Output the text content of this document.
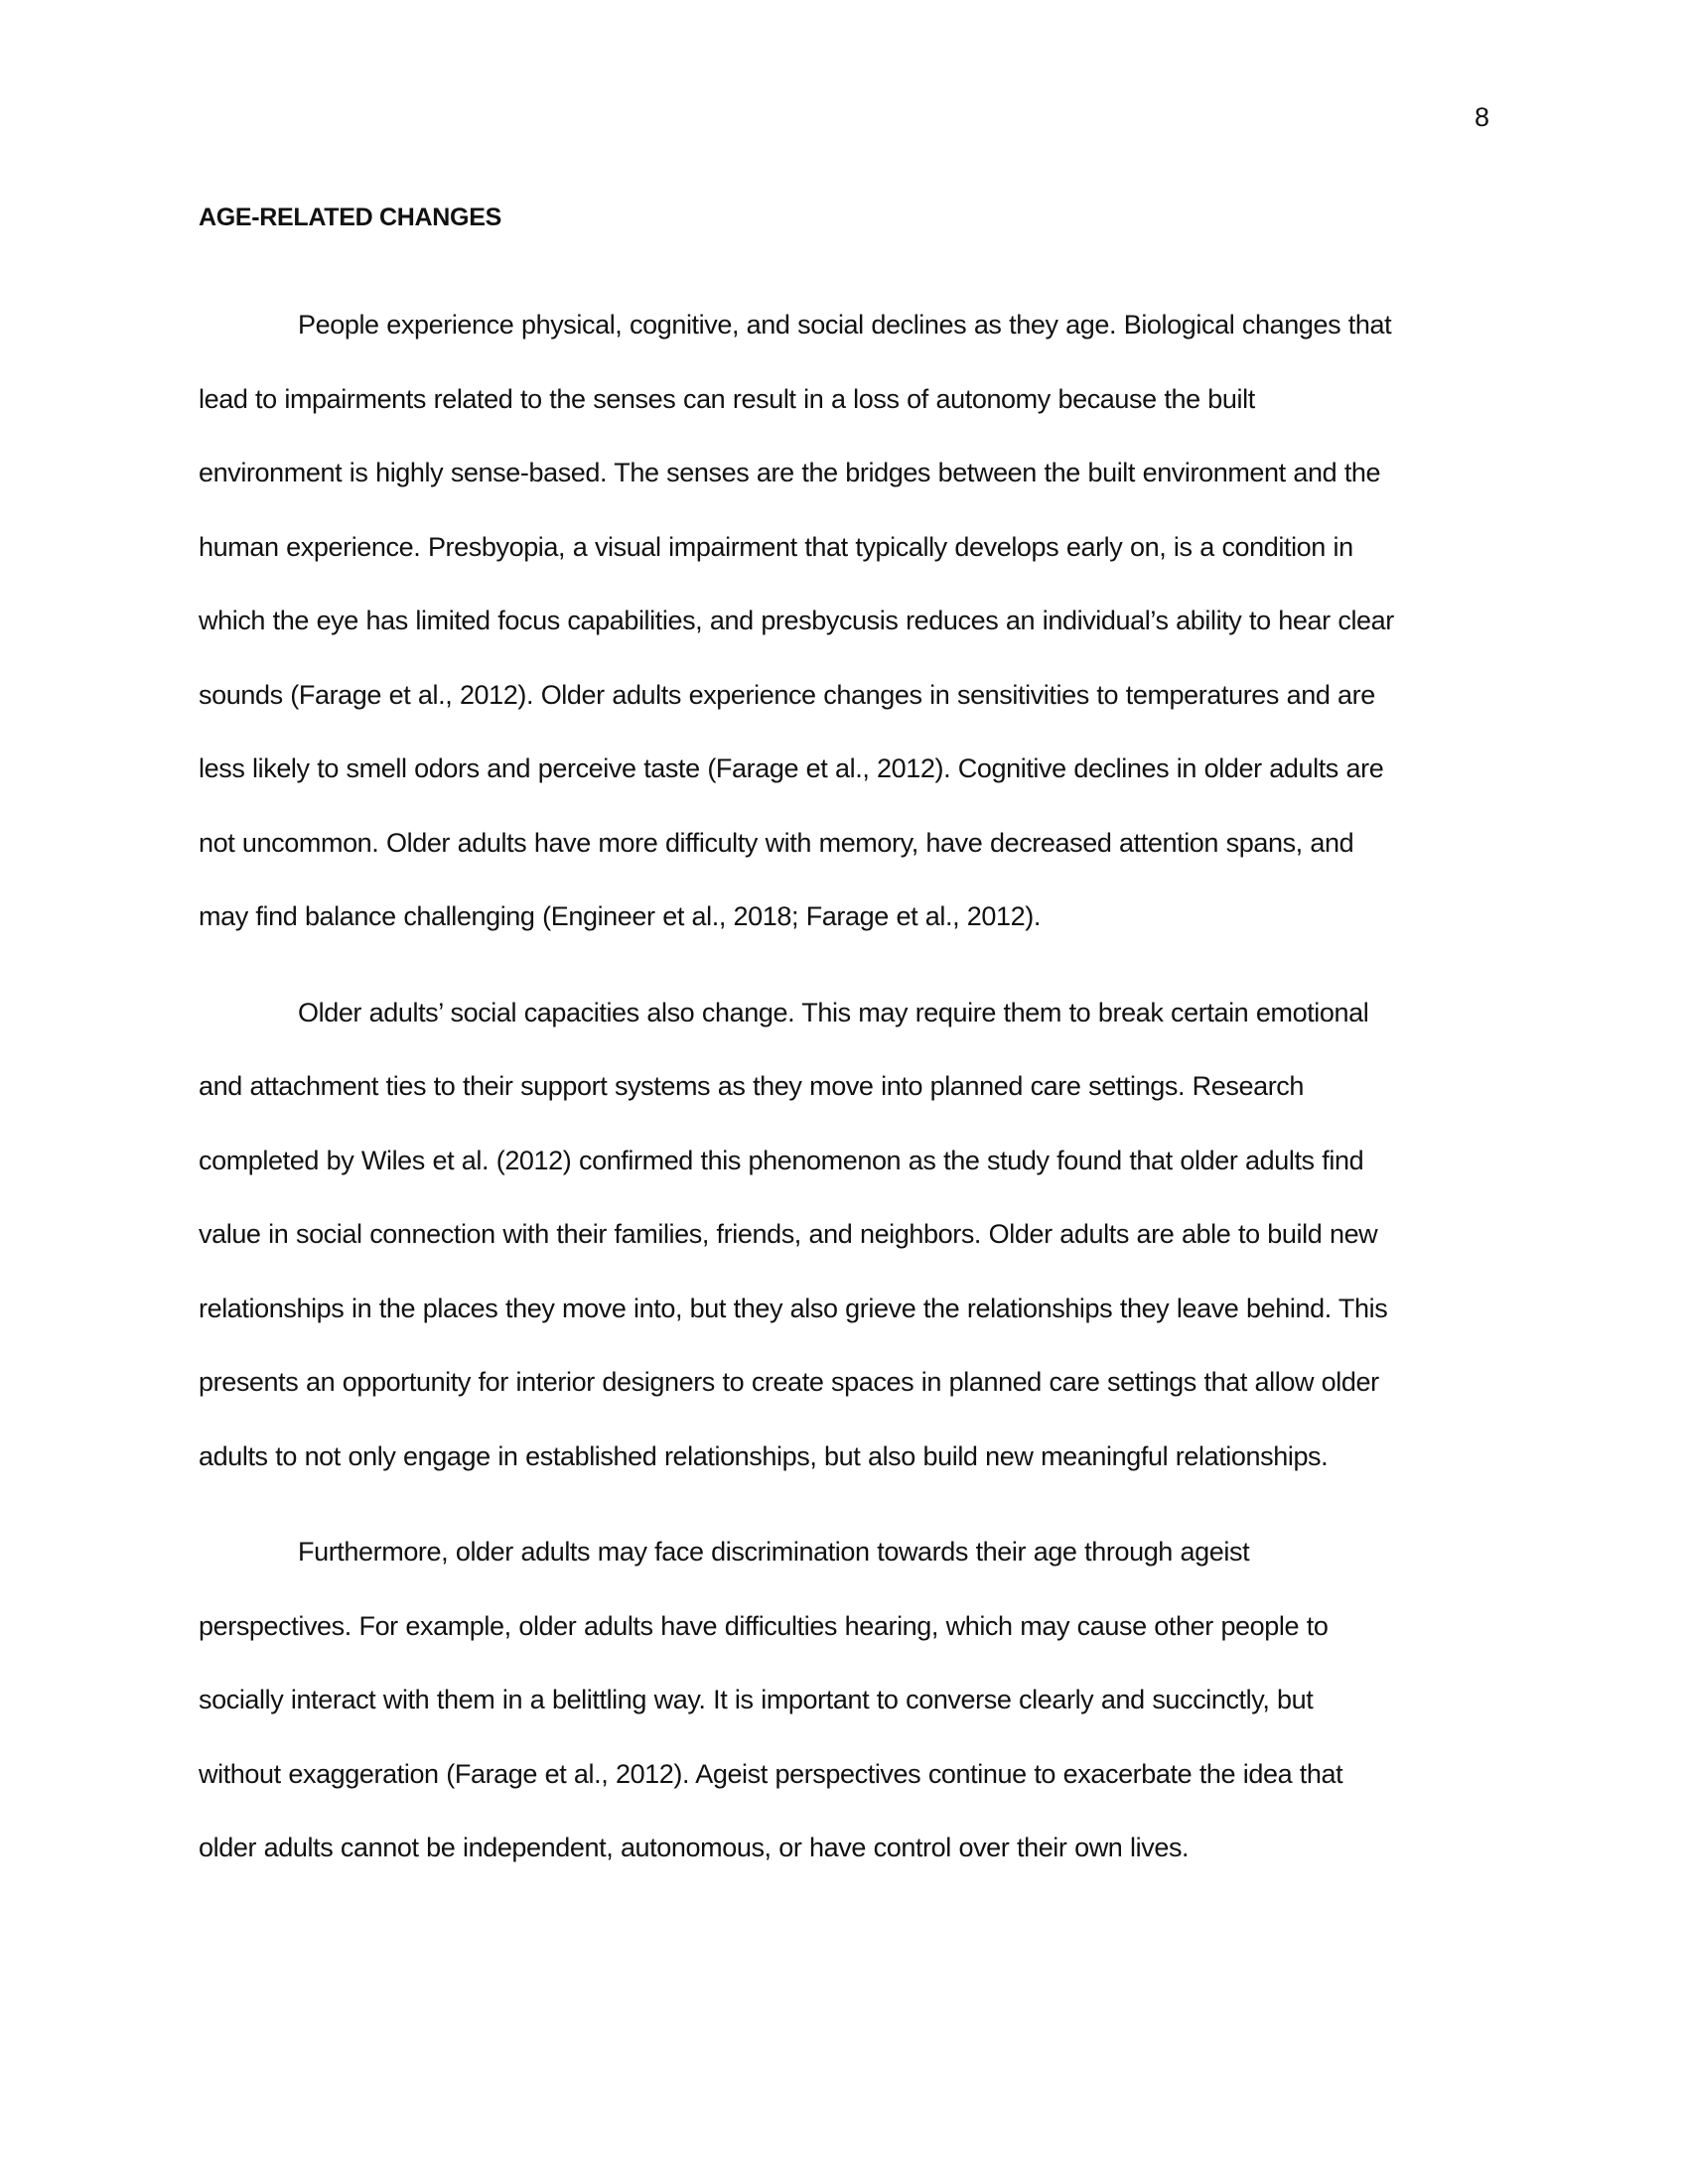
8
AGE-RELATED CHANGES

People experience physical, cognitive, and social declines as they age. Biological changes that
lead to impairments related to the senses can result in a loss of autonomy because the built
environment is highly sense-based. The senses are the bridges between the built environment and the
human experience. Presbyopia, a visual impairment that typically develops early on, is a condition in
which the eye has limited focus capabilities, and presbycusis reduces an individual’s ability to hear clear
sounds (Farage et al., 2012). Older adults experience changes in sensitivities to temperatures and are
less likely to smell odors and perceive taste (Farage et al., 2012). Cognitive declines in older adults are
not uncommon. Older adults have more difficulty with memory, have decreased attention spans, and
may find balance challenging (Engineer et al., 2018; Farage et al., 2012).

Older adults’ social capacities also change. This may require them to break certain emotional
and attachment ties to their support systems as they move into planned care settings. Research
completed by Wiles et al. (2012) confirmed this phenomenon as the study found that older adults find
value in social connection with their families, friends, and neighbors. Older adults are able to build new
relationships in the places they move into, but they also grieve the relationships they leave behind. This
presents an opportunity for interior designers to create spaces in planned care settings that allow older
adults to not only engage in established relationships, but also build new meaningful relationships.

Furthermore, older adults may face discrimination towards their age through ageist
perspectives. For example, older adults have difficulties hearing, which may cause other people to
socially interact with them in a belittling way. It is important to converse clearly and succinctly, but
without exaggeration (Farage et al., 2012). Ageist perspectives continue to exacerbate the idea that
older adults cannot be independent, autonomous, or have control over their own lives.
